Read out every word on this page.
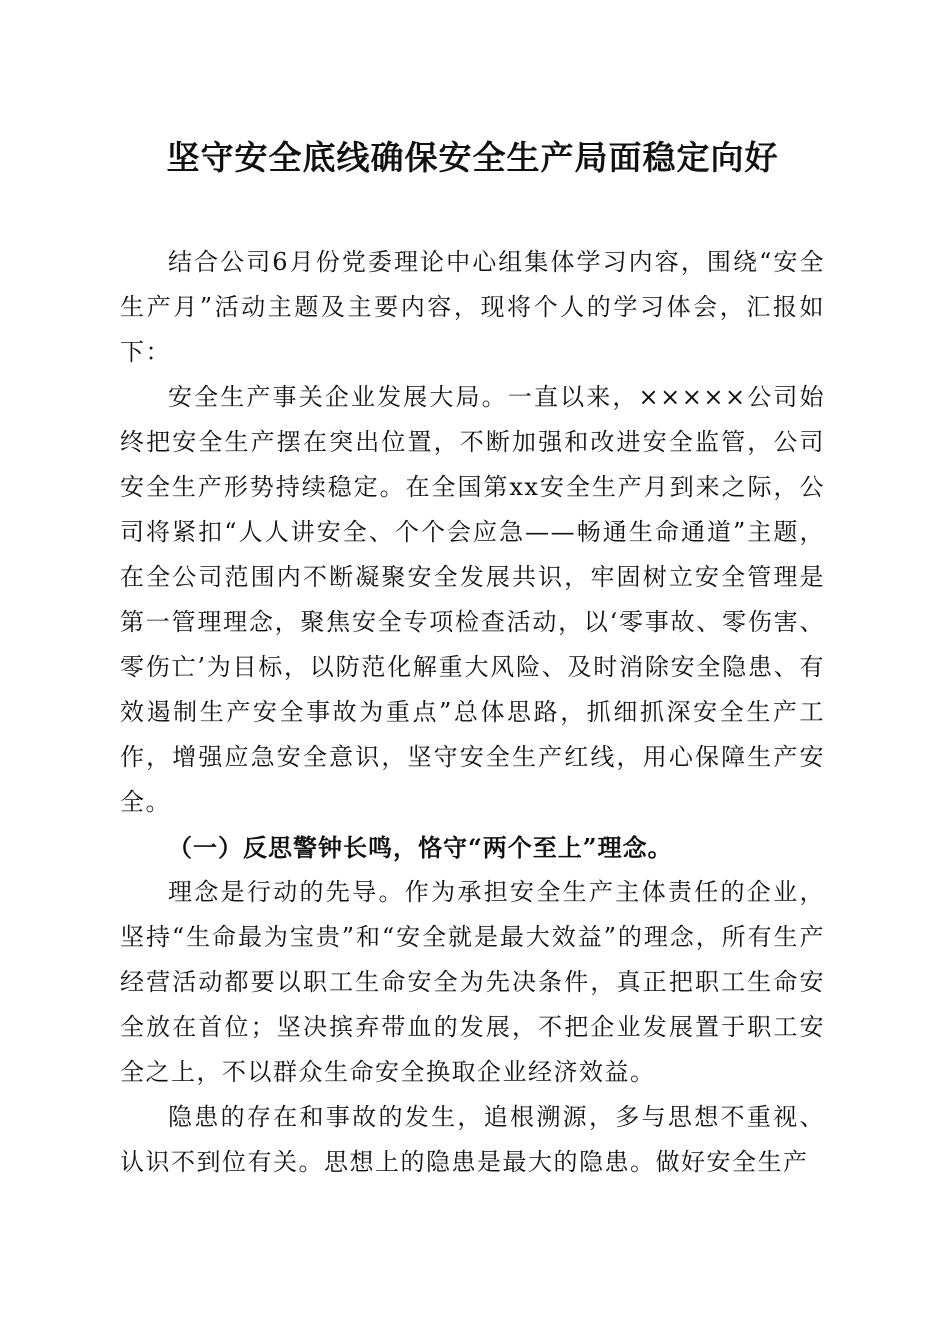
坚守安全底线确保安全生产局面稳定向好

结合公司6月份党委理论中心组集体学习内容，围绕“安全生产月”活动主题及主要内容，现将个人的学习体会，汇报如下：

安全生产事关企业发展大局。一直以来，×××××公司始终把安全生产摆在突出位置，不断加强和改进安全监管，公司安全生产形势持续稳定。在全国第xx安全生产月到来之际，公司将紧扣“人人讲安全、个个会应急——畅通生命通道”主题，在全公司范围内不断凝聚安全发展共识，牢固树立安全管理是第一管理理念，聚焦安全专项检查活动，以‘零事故、零伤害、零伤亡’为目标，以防范化解重大风险、及时消除安全隐患、有效遏制生产安全事故为重点”总体思路，抓细抓深安全生产工作，增强应急安全意识，坚守安全生产红线，用心保障生产安全。

（一）反思警钟长鸣，恪守“两个至上”理念。

理念是行动的先导。作为承担安全生产主体责任的企业，坚持“生命最为宝贵”和“安全就是最大效益”的理念，所有生产经营活动都要以职工生命安全为先决条件，真正把职工生命安全放在首位；坚决摈弃带血的发展，不把企业发展置于职工安全之上，不以群众生命安全换取企业经济效益。

隐患的存在和事故的发生，追根溯源，多与思想不重视、认识不到位有关。思想上的隐患是最大的隐患。做好安全生产
